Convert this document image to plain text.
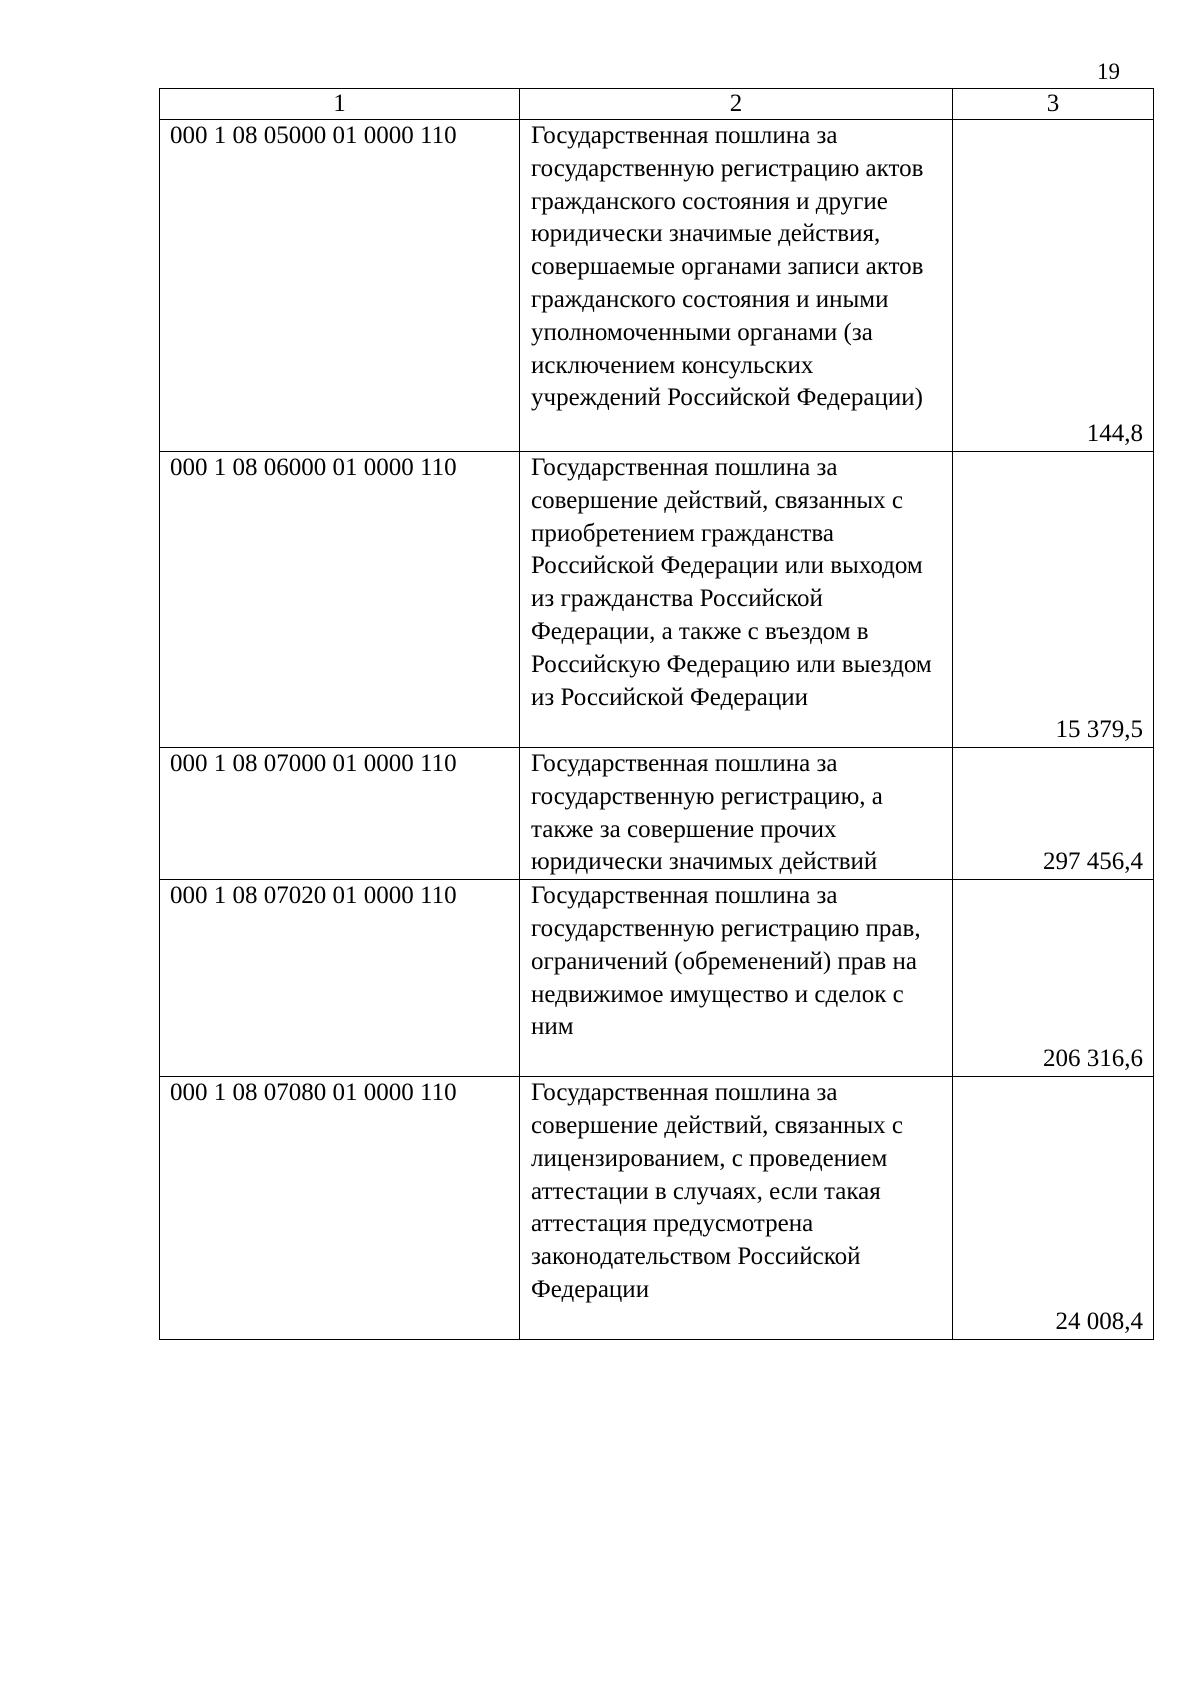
19
1	2	3
000 1 08 05000 01 0000 110	Государственная пошлина за государственную регистрацию актов гражданского состояния и другие юридически значимые действия, совершаемые органами записи актов гражданского состояния и иными уполномоченными органами (за исключением консульских учреждений Российской Федерации)	144,8
000 1 08 06000 01 0000 110	Государственная пошлина за совершение действий, связанных с приобретением гражданства Российской Федерации или выходом из гражданства Российской Федерации, а также с въездом в Российскую Федерацию или выездом из Российской Федерации	15 379,5
000 1 08 07000 01 0000 110	Государственная пошлина за государственную регистрацию, а также за совершение прочих юридически значимых действий	297 456,4
000 1 08 07020 01 0000 110	Государственная пошлина за государственную регистрацию прав, ограничений (обременений) прав на недвижимое имущество и сделок с ним	206 316,6
000 1 08 07080 01 0000 110	Государственная пошлина за совершение действий, связанных с лицензированием, с проведением аттестации в случаях, если такая аттестация предусмотрена законодательством Российской Федерации	24 008,4
